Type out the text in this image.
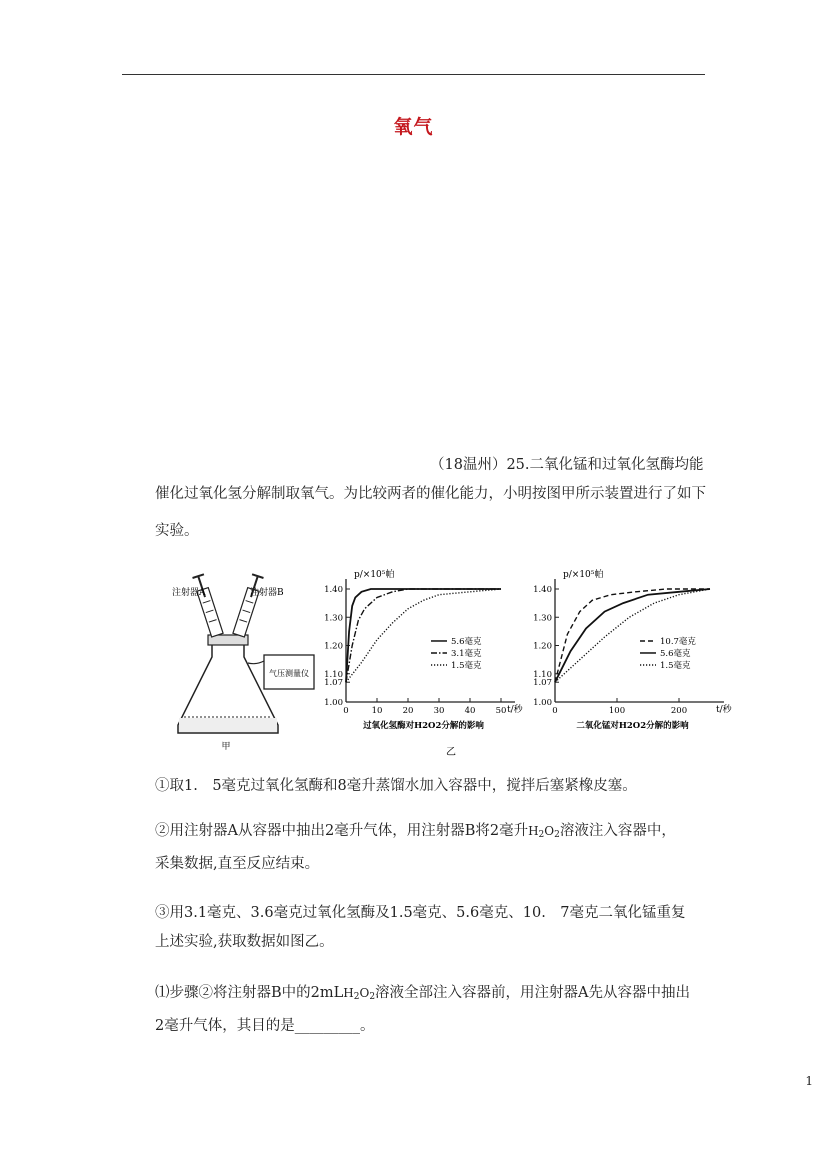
氧气
（18温州）25.二氧化锰和过氧化氢酶均能
催化过氧化氢分解制取氧气。为比较两者的催化能力，小明按图甲所示装置进行了如下
实验。
注射器A	注射器B
气压测量仪
甲
p/×10⁵帕
t/秒
1.00
1.07
1.10
1.20
1.30
1.40
0	10 20 30 40 50
5.6毫克
3.1毫克
1.5毫克
过氧化氢酶对H2O2分解的影响
乙
p/×10⁵帕
t/秒
1.00
1.07
1.10
1.20
1.30
1.40
0	100	200
10.7毫克
5.6毫克
1.5毫克
二氧化锰对H2O2分解的影响
①取1.　5毫克过氧化氢酶和8毫升蒸馏水加入容器中，搅拌后塞紧橡皮塞。
②用注射器A从容器中抽出2毫升气体，用注射器B将2毫升$H_2O_2$溶液注入容器中，
采集数据,直至反应结束。
③用3.1毫克、3.6毫克过氧化氢酶及1.5毫克、5.6毫克、10.　7毫克二氧化锰重复
上述实验,获取数据如图乙。
⑴步骤②将注射器B中的$2mLH_2O_2$溶液全部注入容器前，用注射器A先从容器中抽出
2毫升气体，其目的是_________。
1
